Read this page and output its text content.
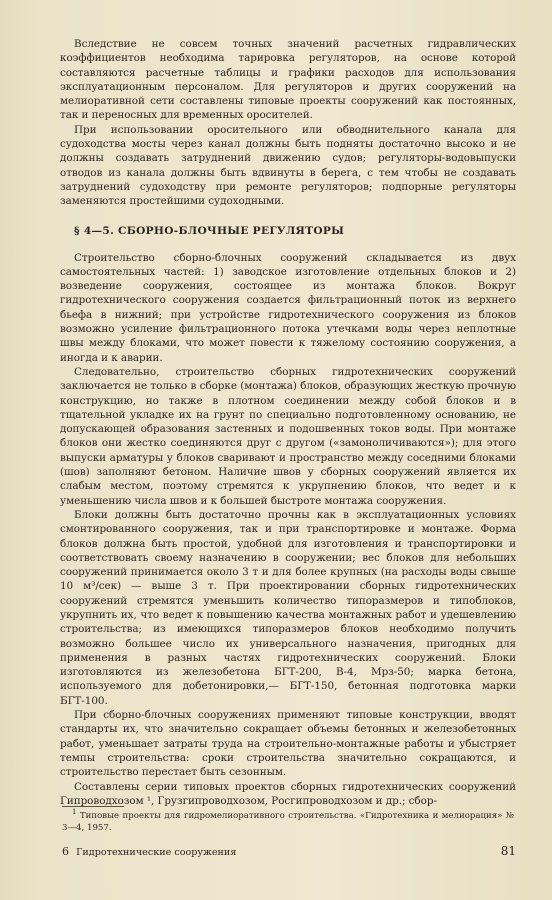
Вследствие не совсем точных значений расчетных гидравлических коэффициентов необходима тарировка регуляторов, на основе которой составляются расчетные таблицы и графики расходов для использования эксплуатационным персоналом. Для регуляторов и других сооружений на мелиоративной сети составлены типовые проекты сооружений как постоянных, так и переносных для временных оросителей.

При использовании оросительного или обводнительного канала для судоходства мосты через канал должны быть подняты достаточно высоко и не должны создавать затруднений движению судов; регуляторы-водовыпуски отводов из канала должны быть вдвинуты в берега, с тем чтобы не создавать затруднений судоходству при ремонте регуляторов; подпорные регуляторы заменяются простейшими судоходными.

§ 4—5. СБОРНО-БЛОЧНЫЕ РЕГУЛЯТОРЫ

Строительство сборно-блочных сооружений складывается из двух самостоятельных частей: 1) заводское изготовление отдельных блоков и 2) возведение сооружения, состоящее из монтажа блоков. Вокруг гидротехнического сооружения создается фильтрационный поток из верхнего бьефа в нижний; при устройстве гидротехнического сооружения из блоков возможно усиление фильтрационного потока утечками воды через неплотные швы между блоками, что может повести к тяжелому состоянию сооружения, а иногда и к аварии.

Следовательно, строительство сборных гидротехнических сооружений заключается не только в сборке (монтажа) блоков, образующих жесткую прочную конструкцию, но также в плотном соединении между собой блоков и в тщательной укладке их на грунт по специально подготовленному основанию, не допускающей образования застенных и подошвенных токов воды. При монтаже блоков они жестко соединяются друг с другом («замоноличиваются»); для этого выпуски арматуры у блоков сваривают и пространство между соседними блоками (шов) заполняют бетоном. Наличие швов у сборных сооружений является их слабым местом, поэтому стремятся к укрупнению блоков, что ведет и к уменьшению числа швов и к большей быстроте монтажа сооружения.

Блоки должны быть достаточно прочны как в эксплуатационных условиях смонтированного сооружения, так и при транспортировке и монтаже. Форма блоков должна быть простой, удобной для изготовления и транспортировки и соответствовать своему назначению в сооружении; вес блоков для небольших сооружений принимается около 3 т и для более крупных (на расходы воды свыше 10 м³/сек) — выше 3 т. При проектировании сборных гидротехнических сооружений стремятся уменьшить количество типоразмеров и типоблоков, укрупнить их, что ведет к повышению качества монтажных работ и удешевлению строительства; из имеющихся типоразмеров блоков необходимо получить возможно большее число их универсального назначения, пригодных для применения в разных частях гидротехнических сооружений. Блоки изготовляются из железобетона БГТ-200, В-4, Мрз-50; марка бетона, используемого для добетонировки,— БГТ-150, бетонная подготовка марки БГТ-100.

При сборно-блочных сооружениях применяют типовые конструкции, вводят стандарты их, что значительно сокращает объемы бетонных и железобетонных работ, уменьшает затраты труда на строительно-монтажные работы и убыстряет темпы строительства: сроки строительства значительно сокращаются, и строительство перестает быть сезонным.

Составлены серии типовых проектов сборных гидротехнических сооружений Гипроводхозом ¹, Грузгипроводхозом, Росгипроводхозом и др.; сбор-

$^1$ Типовые проекты для гидромелиоративного строительства. «Гидротехника и мелиорация» № 3—4, 1957.
6 Гидротехнические сооружения	81
